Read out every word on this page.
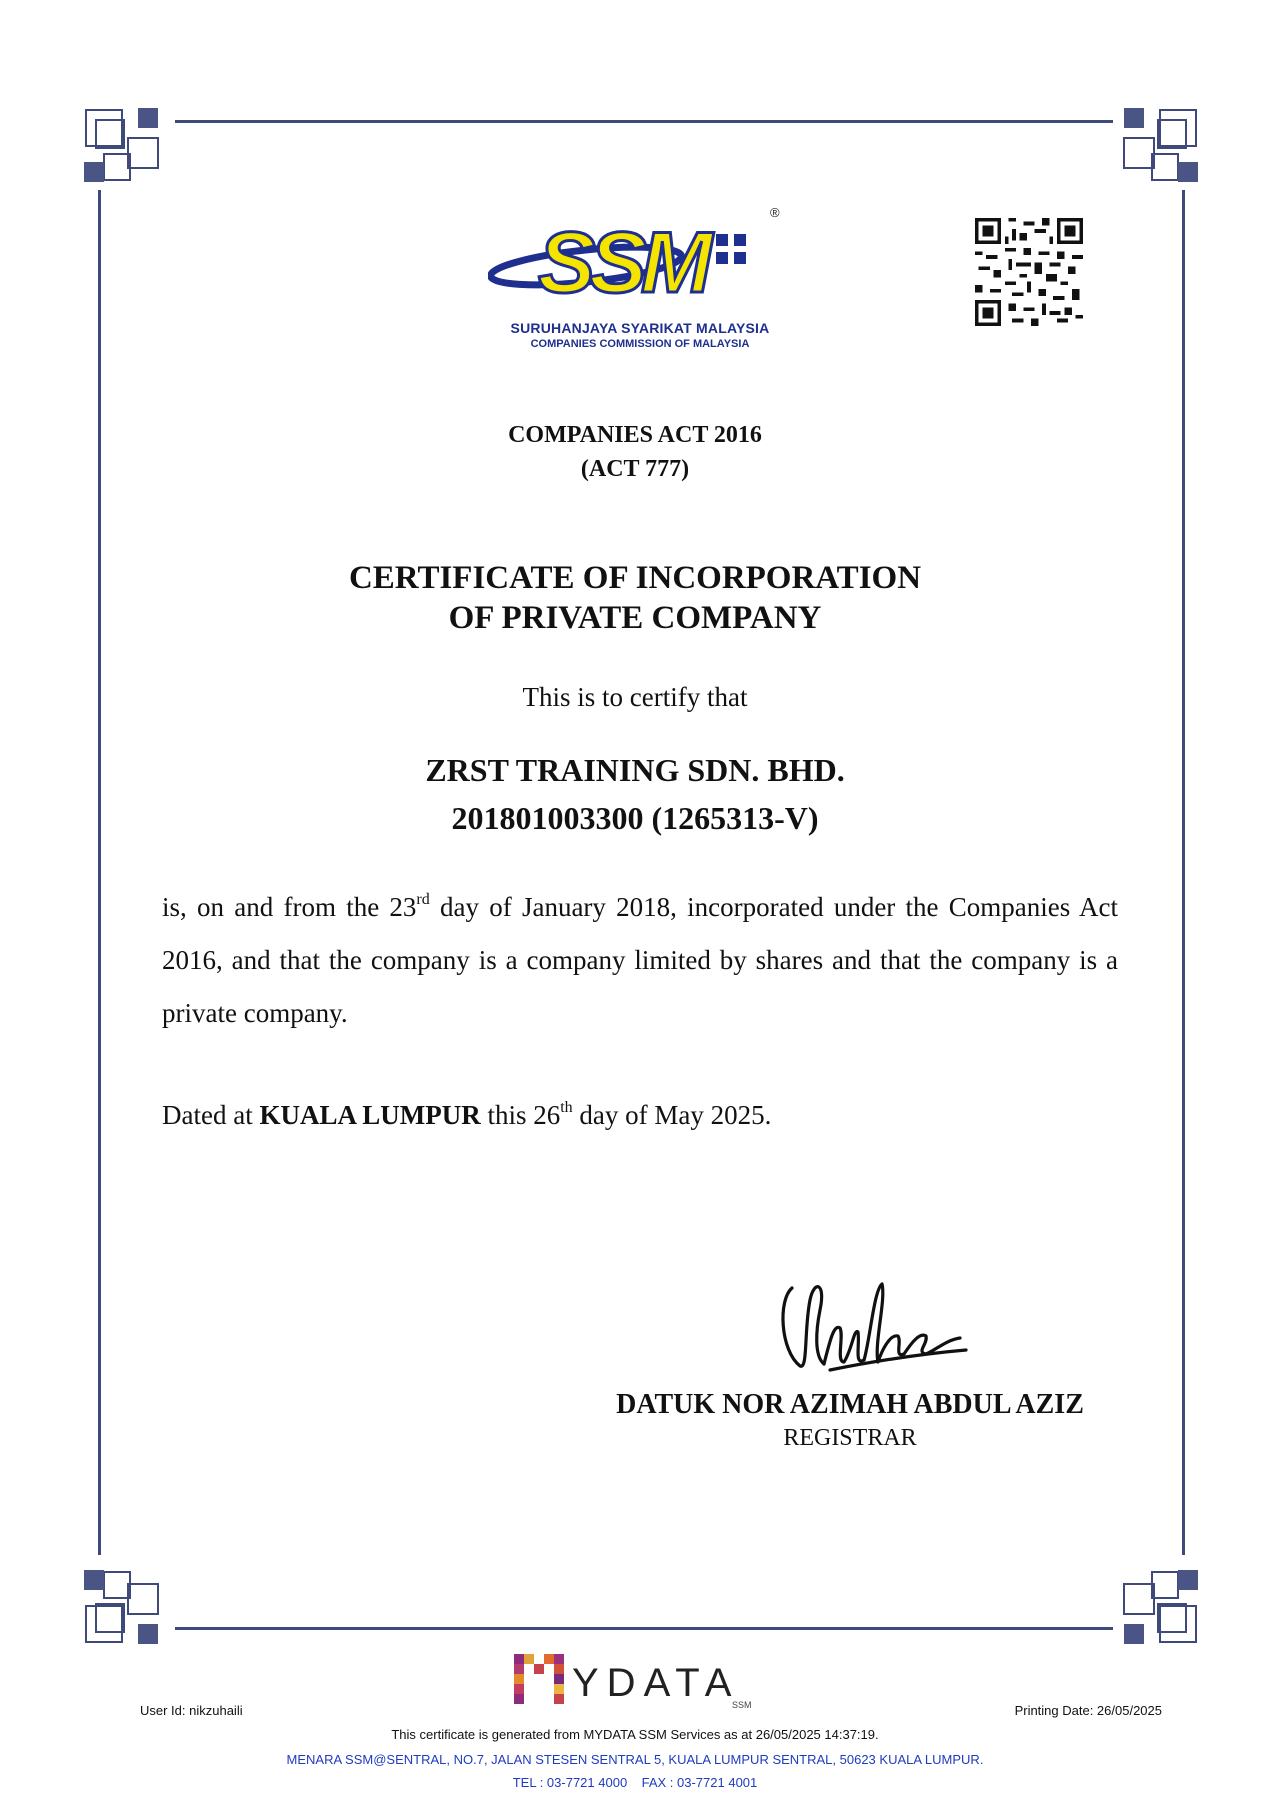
SSM
®
SURUHANJAYA SYARIKAT MALAYSIA
COMPANIES COMMISSION OF MALAYSIA
COMPANIES ACT 2016
(ACT 777)
CERTIFICATE OF INCORPORATION
OF PRIVATE COMPANY
This is to certify that
ZRST TRAINING SDN. BHD.
201801003300 (1265313-V)
is, on and from the 23rd day of January 2018, incorporated under the Companies Act 2016, and that the company is a company limited by shares and that the company is a private company.
Dated at KUALA LUMPUR this 26th day of May 2025.
DATUK NOR AZIMAH ABDUL AZIZ
REGISTRAR
YDATA
SSM
User Id: nikzuhaili	Printing Date: 26/05/2025
This certificate is generated from MYDATA SSM Services as at 26/05/2025 14:37:19.
MENARA SSM@SENTRAL, NO.7, JALAN STESEN SENTRAL 5, KUALA LUMPUR SENTRAL, 50623 KUALA LUMPUR.
TEL : 03-7721 4000    FAX : 03-7721 4001
